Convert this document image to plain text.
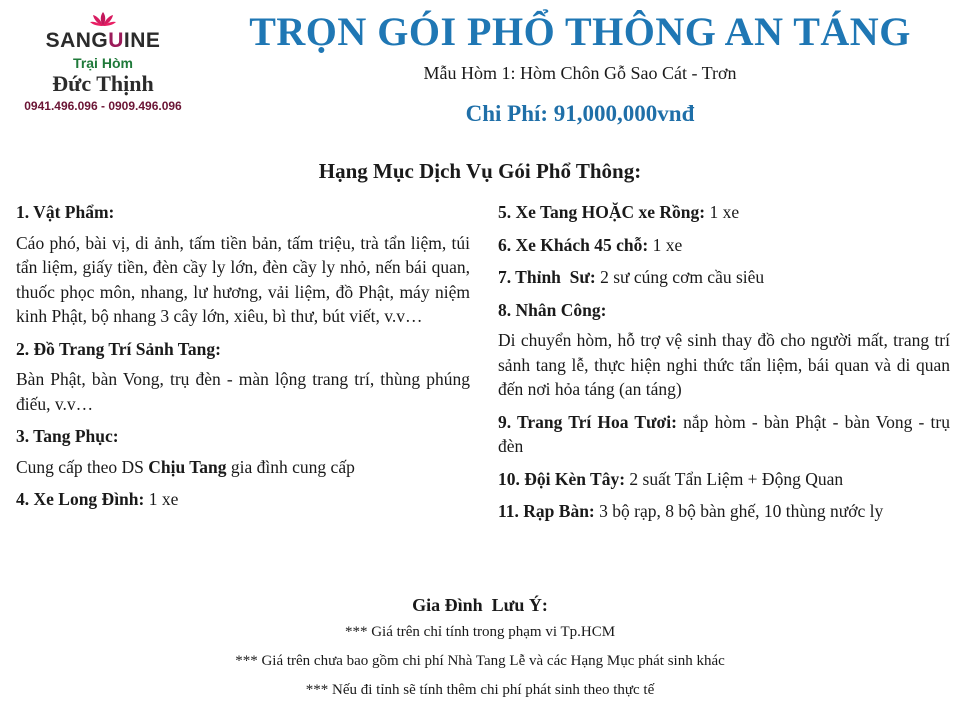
SANGUINE
Trại Hòm
Đức Thịnh
0941.496.096 - 0909.496.096
TRỌN GÓI PHỔ THÔNG AN TÁNG
Mẫu Hòm 1: Hòm Chôn Gỗ Sao Cát - Trơn
Chi Phí: 91,000,000vnđ
Hạng Mục Dịch Vụ Gói Phổ Thông:

1. Vật Phẩm:

Cáo phó, bài vị, di ảnh, tấm tiền bản, tấm triệu, trà tẩn liệm, túi tẩn liệm, giấy tiền, đèn cầy ly lớn, đèn cầy ly nhỏ, nến bái quan, thuốc phọc môn, nhang, lư hương, vải liệm, đồ Phật, máy niệm kinh Phật, bộ nhang 3 cây lớn, xiêu, bì thư, bút viết, v.v…

2. Đồ Trang Trí Sảnh Tang:

Bàn Phật, bàn Vong, trụ đèn - màn lộng trang trí, thùng phúng điếu, v.v…

3. Tang Phục:

Cung cấp theo DS Chịu Tang gia đình cung cấp

4. Xe Long Đình: 1 xe

5. Xe Tang HOẶC xe Rồng: 1 xe

6. Xe Khách 45 chỗ: 1 xe

7. Thỉnh  Sư: 2 sư cúng cơm cầu siêu

8. Nhân Công:

Di chuyển hòm, hỗ trợ vệ sinh thay đồ cho người mất, trang trí sảnh tang lễ, thực hiện nghi thức tẩn liệm, bái quan và di quan đến nơi hỏa táng (an táng)

9. Trang Trí Hoa Tươi: nắp hòm - bàn Phật - bàn Vong - trụ đèn

10. Đội Kèn Tây: 2 suất Tẩn Liệm + Động Quan

11. Rạp Bàn: 3 bộ rạp, 8 bộ bàn ghế, 10 thùng nước ly

Gia Đình  Lưu Ý:
*** Giá trên chỉ tính trong phạm vi Tp.HCM
*** Giá trên chưa bao gồm chi phí Nhà Tang Lễ và các Hạng Mục phát sinh khác
*** Nếu đi tỉnh sẽ tính thêm chi phí phát sinh theo thực tế
